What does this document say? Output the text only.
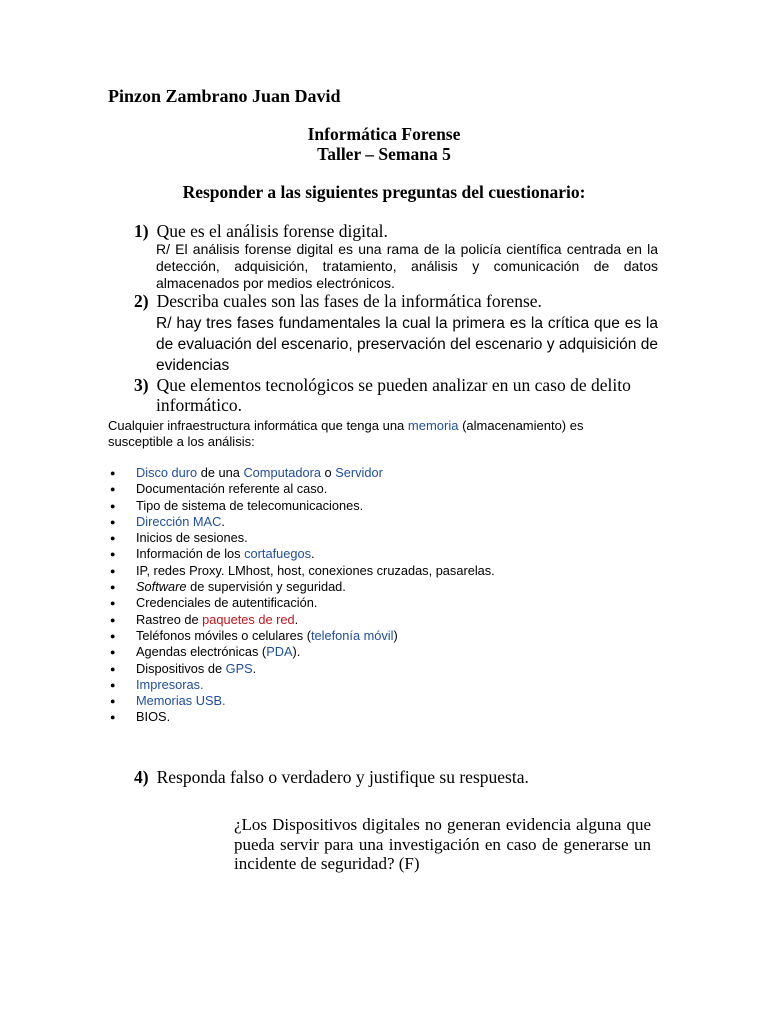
Pinzon Zambrano Juan David
Informática Forense
Taller – Semana 5
Responder a las siguientes preguntas del cuestionario:
1) Que es el análisis forense digital.
R/ El análisis forense digital es una rama de la policía científica centrada en la detección, adquisición, tratamiento, análisis y comunicación de datos almacenados por medios electrónicos.
2) Describa cuales son las fases de la informática forense.
R/ hay tres fases fundamentales la cual la primera es la crítica que es la de evaluación del escenario, preservación del escenario y adquisición de evidencias
3) Que elementos tecnológicos se pueden analizar en un caso de delito
informático.
Cualquier infraestructura informática que tenga una memoria (almacenamiento) es susceptible a los análisis:
● Disco duro de una Computadora o Servidor
● Documentación referente al caso.
● Tipo de sistema de telecomunicaciones.
● Dirección MAC.
● Inicios de sesiones.
● Información de los cortafuegos.
● IP, redes Proxy. LMhost, host, conexiones cruzadas, pasarelas.
● Software de supervisión y seguridad.
● Credenciales de autentificación.
● Rastreo de paquetes de red.
● Teléfonos móviles o celulares (telefonía móvil)
● Agendas electrónicas (PDA).
● Dispositivos de GPS.
● Impresoras.
● Memorias USB.
● BIOS.
4) Responda falso o verdadero y justifique su respuesta.
¿Los Dispositivos digitales no generan evidencia alguna que pueda servir para una investigación en caso de generarse un incidente de seguridad? (F)
